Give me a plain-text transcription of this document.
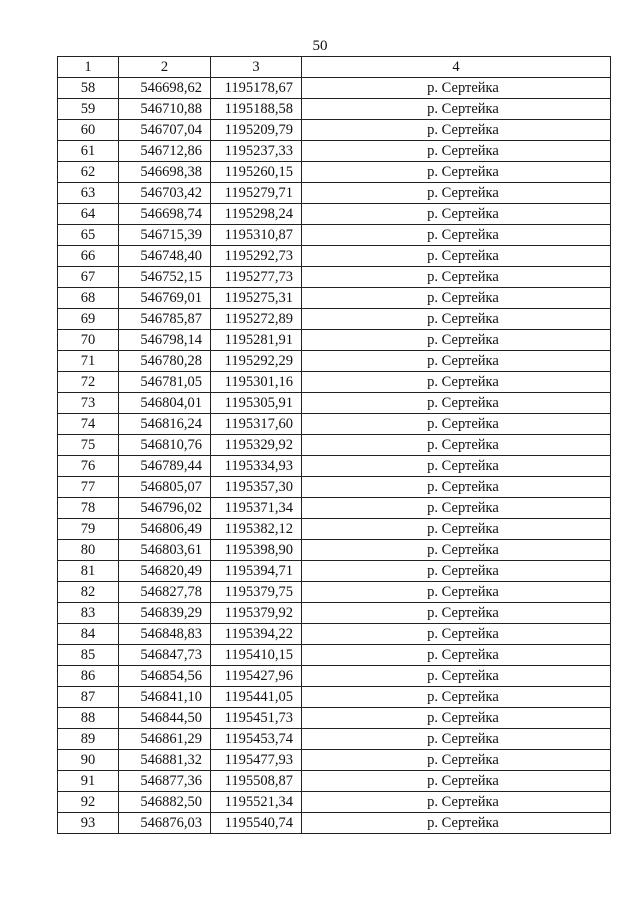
50
1	2	3	4
58	546698,62	1195178,67	р. Сертейка
59	546710,88	1195188,58	р. Сертейка
60	546707,04	1195209,79	р. Сертейка
61	546712,86	1195237,33	р. Сертейка
62	546698,38	1195260,15	р. Сертейка
63	546703,42	1195279,71	р. Сертейка
64	546698,74	1195298,24	р. Сертейка
65	546715,39	1195310,87	р. Сертейка
66	546748,40	1195292,73	р. Сертейка
67	546752,15	1195277,73	р. Сертейка
68	546769,01	1195275,31	р. Сертейка
69	546785,87	1195272,89	р. Сертейка
70	546798,14	1195281,91	р. Сертейка
71	546780,28	1195292,29	р. Сертейка
72	546781,05	1195301,16	р. Сертейка
73	546804,01	1195305,91	р. Сертейка
74	546816,24	1195317,60	р. Сертейка
75	546810,76	1195329,92	р. Сертейка
76	546789,44	1195334,93	р. Сертейка
77	546805,07	1195357,30	р. Сертейка
78	546796,02	1195371,34	р. Сертейка
79	546806,49	1195382,12	р. Сертейка
80	546803,61	1195398,90	р. Сертейка
81	546820,49	1195394,71	р. Сертейка
82	546827,78	1195379,75	р. Сертейка
83	546839,29	1195379,92	р. Сертейка
84	546848,83	1195394,22	р. Сертейка
85	546847,73	1195410,15	р. Сертейка
86	546854,56	1195427,96	р. Сертейка
87	546841,10	1195441,05	р. Сертейка
88	546844,50	1195451,73	р. Сертейка
89	546861,29	1195453,74	р. Сертейка
90	546881,32	1195477,93	р. Сертейка
91	546877,36	1195508,87	р. Сертейка
92	546882,50	1195521,34	р. Сертейка
93	546876,03	1195540,74	р. Сертейка
